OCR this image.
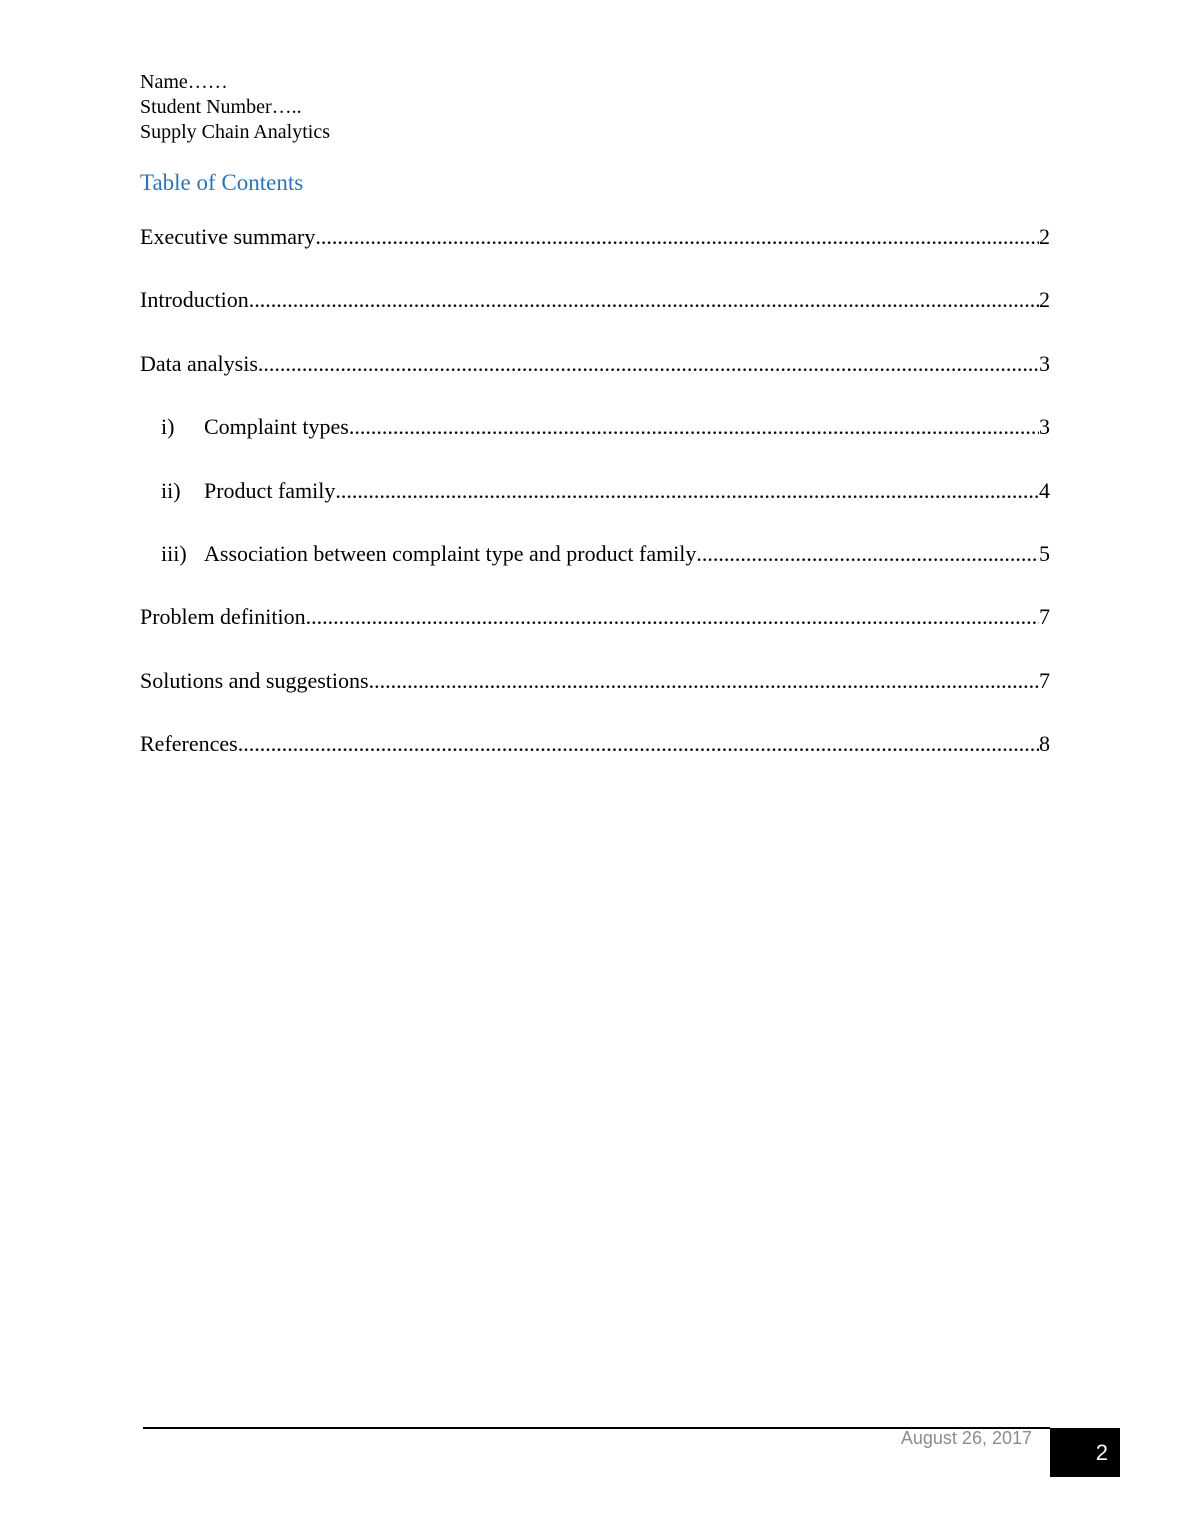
Name……
Student Number…..
Supply Chain Analytics
Table of Contents
Executive summary .....	2
Introduction .....	2
Data analysis .....	3
i)	Complaint types .....	3
ii)	Product family .....	4
iii) Association between complaint type and product family .....	5
Problem definition .....	7
Solutions and suggestions .....	7
References .....	8
August 26, 2017
2
